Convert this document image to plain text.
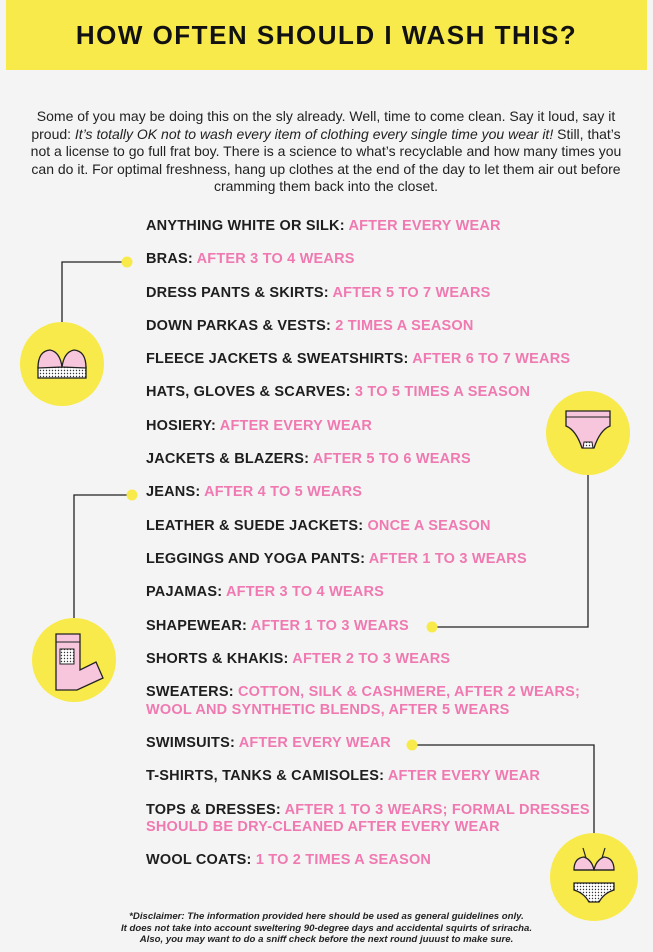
HOW OFTEN SHOULD I WASH THIS?

Some of you may be doing this on the sly already. Well, time to come clean. Say it loud, say it proud: It’s totally OK not to wash every item of clothing every single time you wear it! Still, that’s not a license to go full frat boy. There is a science to what’s recyclable and how many times you can do it. For optimal freshness, hang up clothes at the end of the day to let them air out before cramming them back into the closet.

ANYTHING WHITE OR SILK: AFTER EVERY WEAR
BRAS: AFTER 3 TO 4 WEARS
DRESS PANTS & SKIRTS: AFTER 5 TO 7 WEARS
DOWN PARKAS & VESTS: 2 TIMES A SEASON
FLEECE JACKETS & SWEATSHIRTS: AFTER 6 TO 7 WEARS
HATS, GLOVES & SCARVES: 3 TO 5 TIMES A SEASON
HOSIERY: AFTER EVERY WEAR
JACKETS & BLAZERS: AFTER 5 TO 6 WEARS
JEANS: AFTER 4 TO 5 WEARS
LEATHER & SUEDE JACKETS: ONCE A SEASON
LEGGINGS AND YOGA PANTS: AFTER 1 TO 3 WEARS
PAJAMAS: AFTER 3 TO 4 WEARS
SHAPEWEAR: AFTER 1 TO 3 WEARS
SHORTS & KHAKIS: AFTER 2 TO 3 WEARS
SWEATERS: COTTON, SILK & CASHMERE, AFTER 2 WEARS; WOOL AND SYNTHETIC BLENDS, AFTER 5 WEARS
SWIMSUITS: AFTER EVERY WEAR
T-SHIRTS, TANKS & CAMISOLES: AFTER EVERY WEAR
TOPS & DRESSES: AFTER 1 TO 3 WEARS; FORMAL DRESSES SHOULD BE DRY-CLEANED AFTER EVERY WEAR
WOOL COATS: 1 TO 2 TIMES A SEASON
*Disclaimer: The information provided here should be used as general guidelines only.
It does not take into account sweltering 90-degree days and accidental squirts of sriracha.
Also, you may want to do a sniff check before the next round juuust to make sure.
